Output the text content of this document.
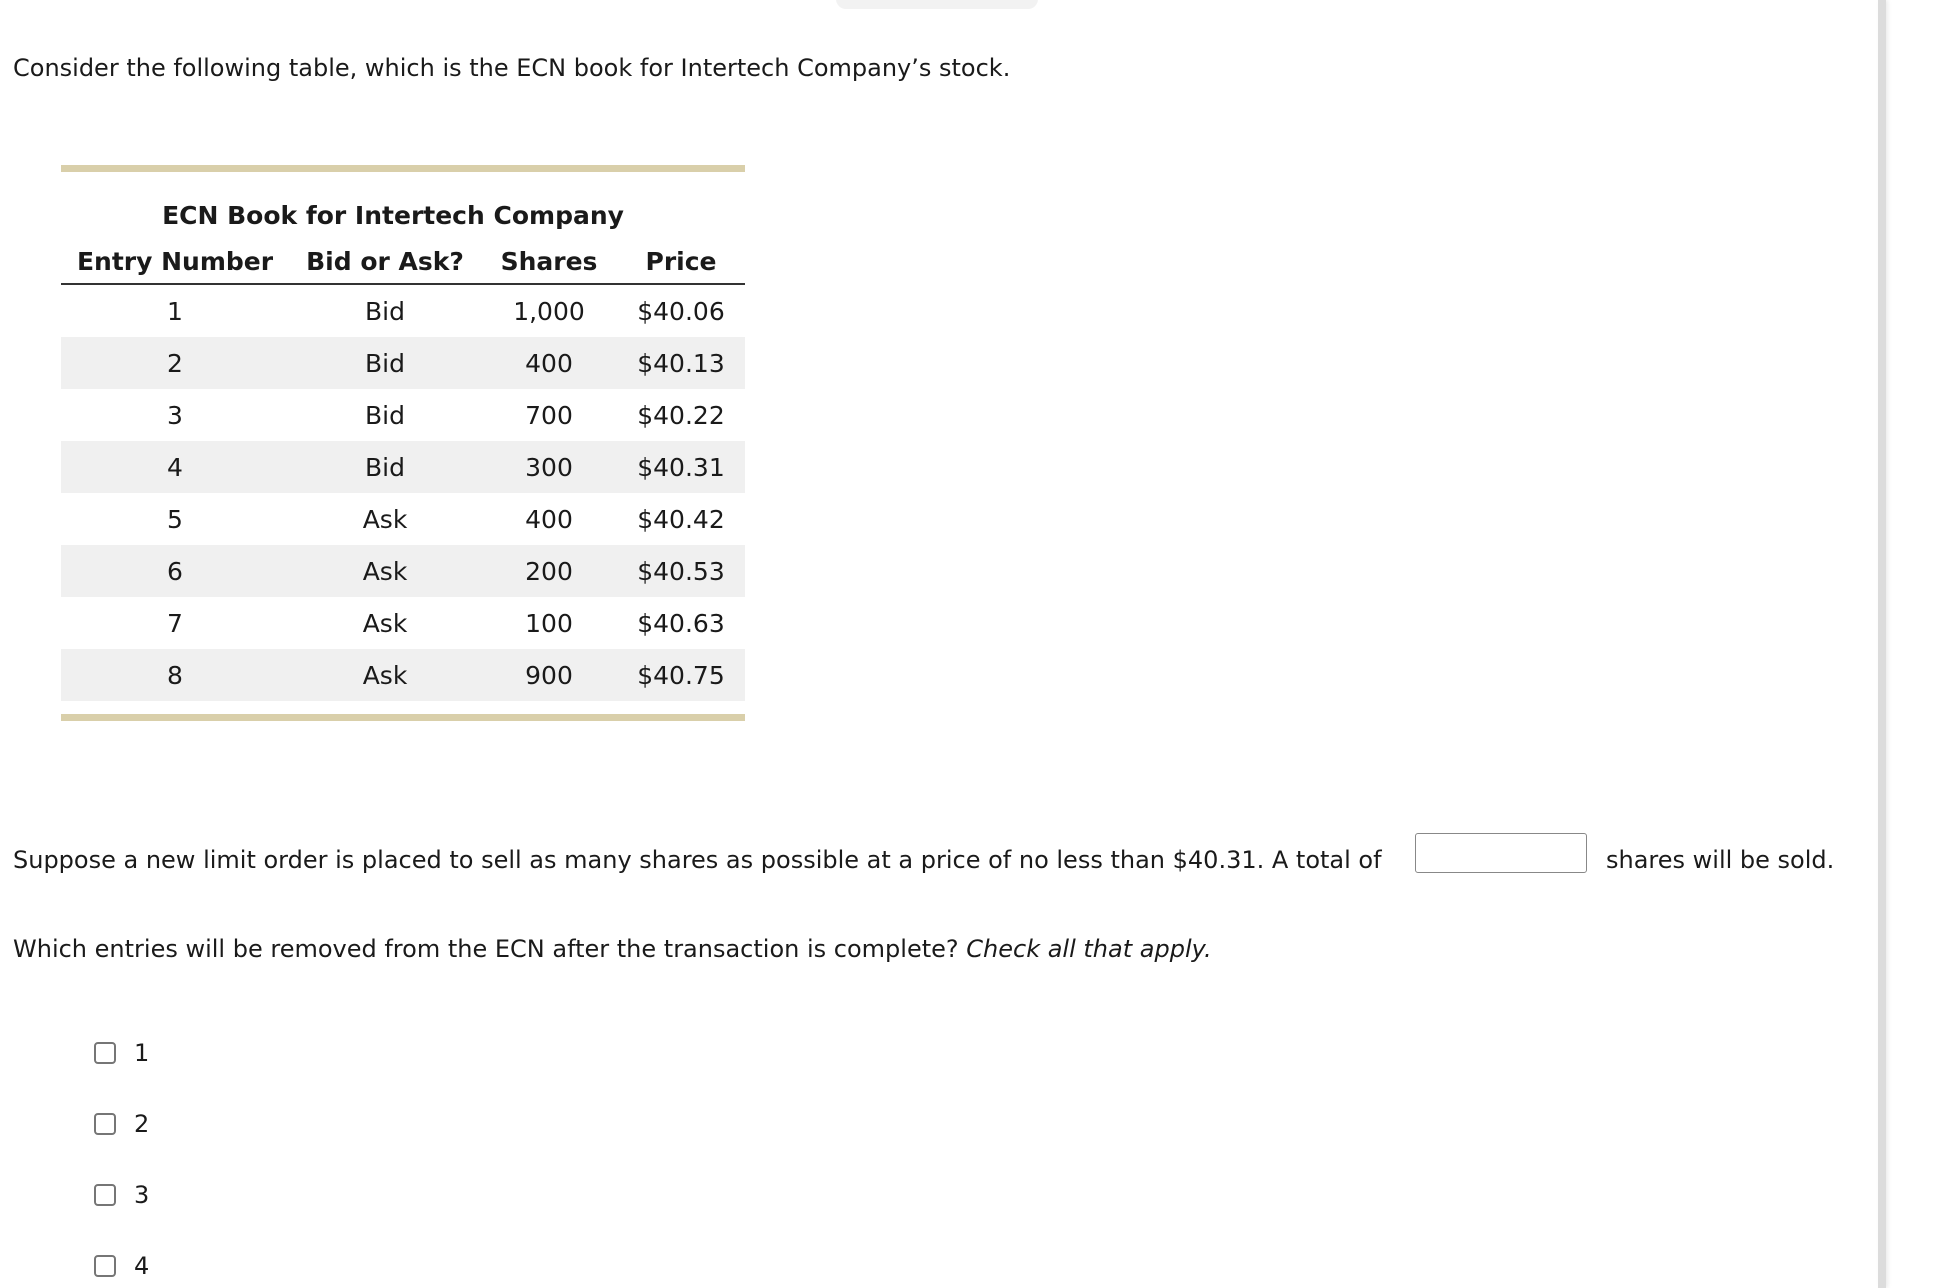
Consider the following table, which is the ECN book for Intertech Company’s stock.
ECN Book for Intertech Company
Entry Number	Bid or Ask?	Shares	Price
1	Bid	1,000	$40.06
2	Bid	400	$40.13
3	Bid	700	$40.22
4	Bid	300	$40.31
5	Ask	400	$40.42
6	Ask	200	$40.53
7	Ask	100	$40.63
8	Ask	900	$40.75
Suppose a new limit order is placed to sell as many shares as possible at a price of no less than $40.31. A total of	shares will be sold.
Which entries will be removed from the ECN after the transaction is complete? Check all that apply.
1
2
3
4
